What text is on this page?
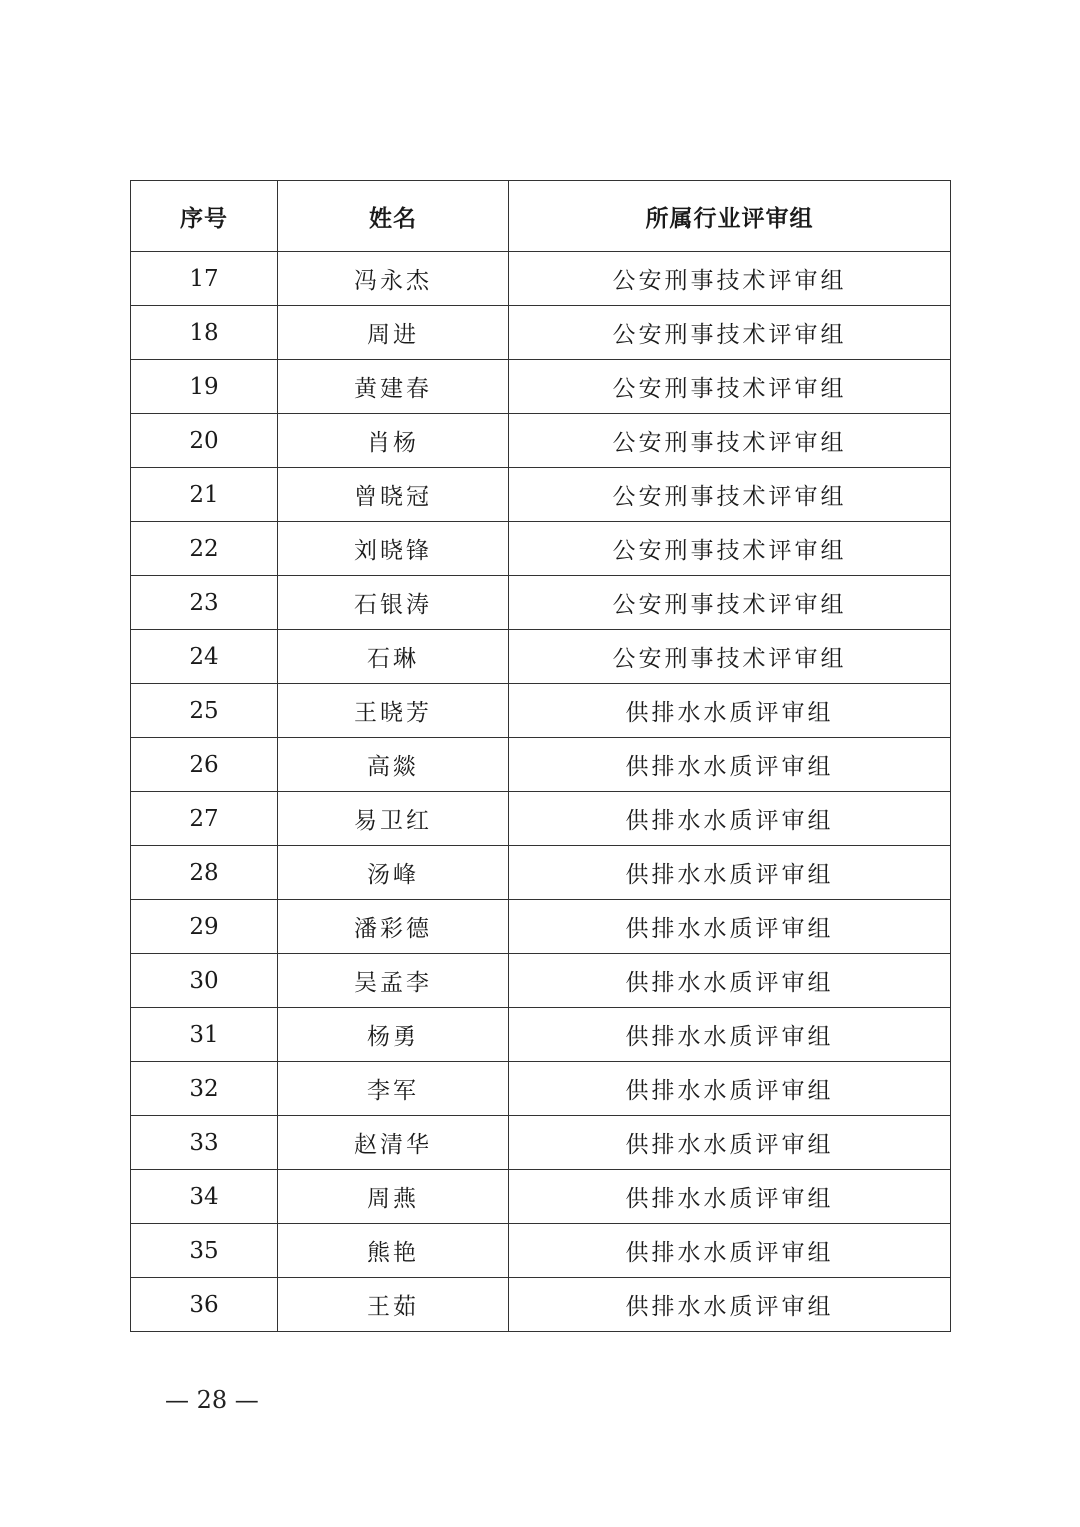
序号	姓名	所属行业评审组
17	冯永杰	公安刑事技术评审组
18	周进	公安刑事技术评审组
19	黄建春	公安刑事技术评审组
20	肖杨	公安刑事技术评审组
21	曾晓冠	公安刑事技术评审组
22	刘晓锋	公安刑事技术评审组
23	石银涛	公安刑事技术评审组
24	石琳	公安刑事技术评审组
25	王晓芳	供排水水质评审组
26	高燚	供排水水质评审组
27	易卫红	供排水水质评审组
28	汤峰	供排水水质评审组
29	潘彩德	供排水水质评审组
30	吴孟李	供排水水质评审组
31	杨勇	供排水水质评审组
32	李军	供排水水质评审组
33	赵清华	供排水水质评审组
34	周燕	供排水水质评审组
35	熊艳	供排水水质评审组
36	王茹	供排水水质评审组
— 28 —
